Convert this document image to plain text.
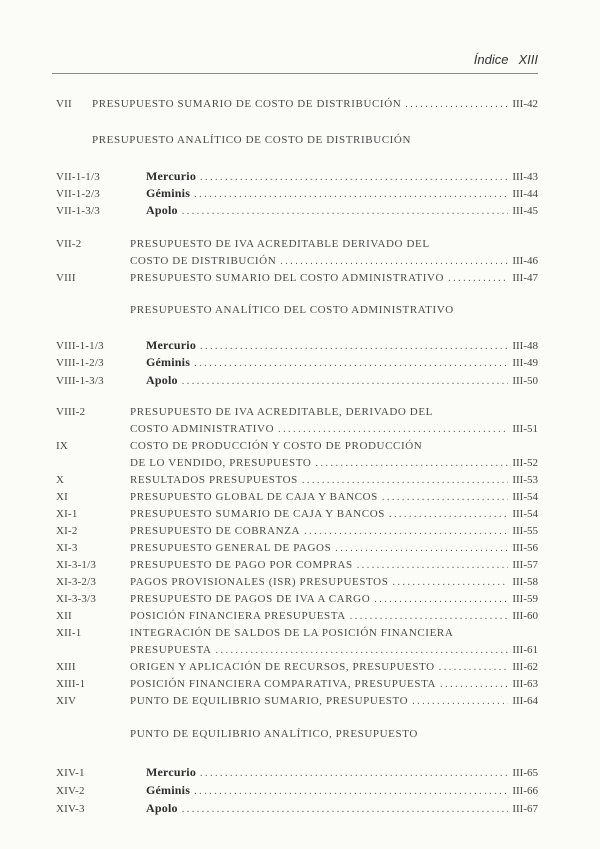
Índice XIII
VII	PRESUPUESTO SUMARIO DE COSTO DE DISTRIBUCIÓN . . .	III-42
PRESUPUESTO ANALÍTICO DE COSTO DE DISTRIBUCIÓN
VII-1-1/3	Mercurio . . .	III-43
VII-1-2/3	Géminis . . .	III-44
VII-1-3/3	Apolo . . .	III-45
VII-2	PRESUPUESTO DE IVA ACREDITABLE DERIVADO DEL
COSTO DE DISTRIBUCIÓN . . .	III-46
VIII	PRESUPUESTO SUMARIO DEL COSTO ADMINISTRATIVO . . .	III-47
PRESUPUESTO ANALÍTICO DEL COSTO ADMINISTRATIVO
VIII-1-1/3	Mercurio . . .	III-48
VIII-1-2/3	Géminis . . .	III-49
VIII-1-3/3	Apolo . . .	III-50
VIII-2	PRESUPUESTO DE IVA ACREDITABLE, DERIVADO DEL
COSTO ADMINISTRATIVO . . .	III-51
IX	COSTO DE PRODUCCIÓN Y COSTO DE PRODUCCIÓN
DE LO VENDIDO, PRESUPUESTO . . .	III-52
X	RESULTADOS PRESUPUESTOS . . .	III-53
XI	PRESUPUESTO GLOBAL DE CAJA Y BANCOS . . .	III-54
XI-1	PRESUPUESTO SUMARIO DE CAJA Y BANCOS . . .	III-54
XI-2	PRESUPUESTO DE COBRANZA . . .	III-55
XI-3	PRESUPUESTO GENERAL DE PAGOS . . .	III-56
XI-3-1/3	PRESUPUESTO DE PAGO POR COMPRAS . . .	III-57
XI-3-2/3	PAGOS PROVISIONALES (ISR) PRESUPUESTOS . . .	III-58
XI-3-3/3	PRESUPUESTO DE PAGOS DE IVA A CARGO . . .	III-59
XII	POSICIÓN FINANCIERA PRESUPUESTA . . .	III-60
XII-1	INTEGRACIÓN DE SALDOS DE LA POSICIÓN FINANCIERA
PRESUPUESTA . . .	III-61
XIII	ORIGEN Y APLICACIÓN DE RECURSOS, PRESUPUESTO . . .	III-62
XIII-1	POSICIÓN FINANCIERA COMPARATIVA, PRESUPUESTA . . .	III-63
XIV	PUNTO DE EQUILIBRIO SUMARIO, PRESUPUESTO . . .	III-64
PUNTO DE EQUILIBRIO ANALÍTICO, PRESUPUESTO
XIV-1	Mercurio . . .	III-65
XIV-2	Géminis . . .	III-66
XIV-3	Apolo . . .	III-67
